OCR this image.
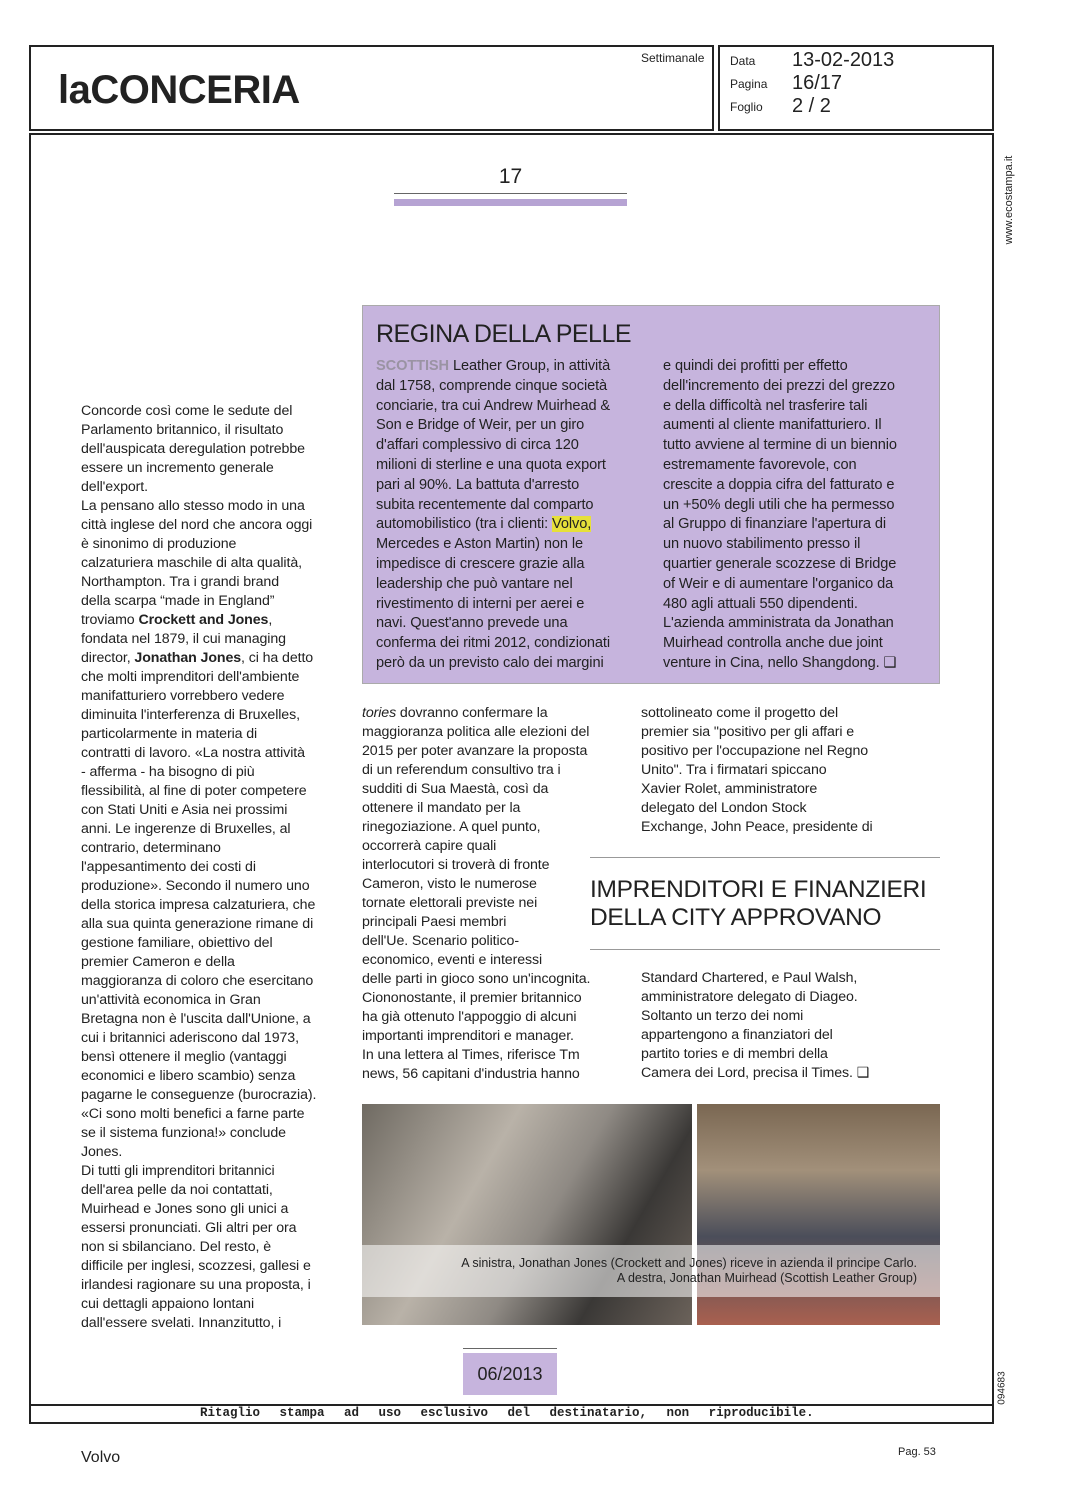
laCONCERIA
Settimanale Data 13-02-2013
Pagina 16/17
Foglio 2 / 2
Ritaglio stampa ad uso esclusivo del destinatario, non riproducibile.
www.ecostampa.it
094683
17
Concorde così come le sedute del
Parlamento britannico, il risultato
dell'auspicata deregulation potrebbe
essere un incremento generale
dell'export.
La pensano allo stesso modo in una
città inglese del nord che ancora oggi
è sinonimo di produzione
calzaturiera maschile di alta qualità,
Northampton. Tra i grandi brand
della scarpa “made in England”
troviamo Crockett and Jones,
fondata nel 1879, il cui managing
director, Jonathan Jones, ci ha detto
che molti imprenditori dell'ambiente
manifatturiero vorrebbero vedere
diminuita l'interferenza di Bruxelles,
particolarmente in materia di
contratti di lavoro. «La nostra attività
- afferma - ha bisogno di più
flessibilità, al fine di poter competere
con Stati Uniti e Asia nei prossimi
anni. Le ingerenze di Bruxelles, al
contrario, determinano
l'appesantimento dei costi di
produzione». Secondo il numero uno
della storica impresa calzaturiera, che
alla sua quinta generazione rimane di
gestione familiare, obiettivo del
premier Cameron e della
maggioranza di coloro che esercitano
un'attività economica in Gran
Bretagna non è l'uscita dall'Unione, a
cui i britannici aderiscono dal 1973,
bensì ottenere il meglio (vantaggi
economici e libero scambio) senza
pagarne le conseguenze (burocrazia).
«Ci sono molti benefici a farne parte
se il sistema funziona!» conclude
Jones.
Di tutti gli imprenditori britannici
dell'area pelle da noi contattati,
Muirhead e Jones sono gli unici a
essersi pronunciati. Gli altri per ora
non si sbilanciano. Del resto, è
difficile per inglesi, scozzesi, gallesi e
irlandesi ragionare su una proposta, i
cui dettagli appaiono lontani
dall'essere svelati. Innanzitutto, i
REGINA DELLA PELLE
SCOTTISH Leather Group, in attività
dal 1758, comprende cinque società
conciarie, tra cui Andrew Muirhead &
Son e Bridge of Weir, per un giro
d'affari complessivo di circa 120
milioni di sterline e una quota export
pari al 90%. La battuta d'arresto
subita recentemente dal comparto
automobilistico (tra i clienti: Volvo,
Mercedes e Aston Martin) non le
impedisce di crescere grazie alla
leadership che può vantare nel
rivestimento di interni per aerei e
navi. Quest'anno prevede una
conferma dei ritmi 2012, condizionati
però da un previsto calo dei margini
e quindi dei profitti per effetto
dell'incremento dei prezzi del grezzo
e della difficoltà nel trasferire tali
aumenti al cliente manifatturiero. Il
tutto avviene al termine di un biennio
estremamente favorevole, con
crescite a doppia cifra del fatturato e
un +50% degli utili che ha permesso
al Gruppo di finanziare l'apertura di
un nuovo stabilimento presso il
quartier generale scozzese di Bridge
of Weir e di aumentare l'organico da
480 agli attuali 550 dipendenti.
L'azienda amministrata da Jonathan
Muirhead controlla anche due joint
venture in Cina, nello Shangdong. ❑
tories dovranno confermare la
maggioranza politica alle elezioni del
2015 per poter avanzare la proposta
di un referendum consultivo tra i
sudditi di Sua Maestà, così da
ottenere il mandato per la
rinegoziazione. A quel punto,
occorrerà capire quali
interlocutori si troverà di fronte
Cameron, visto le numerose
tornate elettorali previste nei
principali Paesi membri
dell'Ue. Scenario politico-
economico, eventi e interessi
delle parti in gioco sono un'incognita.
Ciononostante, il premier britannico
ha già ottenuto l'appoggio di alcuni
importanti imprenditori e manager.
In una lettera al Times, riferisce Tm
news, 56 capitani d'industria hanno
sottolineato come il progetto del
premier sia "positivo per gli affari e
positivo per l'occupazione nel Regno
Unito". Tra i firmatari spiccano
Xavier Rolet, amministratore
delegato del London Stock
Exchange, John Peace, presidente di
IMPRENDITORI E FINANZIERI
DELLA CITY APPROVANO
Standard Chartered, e Paul Walsh,
amministratore delegato di Diageo.
Soltanto un terzo dei nomi
appartengono a finanziatori del
partito tories e di membri della
Camera dei Lord, precisa il Times. ❑
A sinistra, Jonathan Jones (Crockett and Jones) riceve in azienda il principe Carlo.
A destra, Jonathan Muirhead (Scottish Leather Group)
06/2013
Volvo	Pag. 53
